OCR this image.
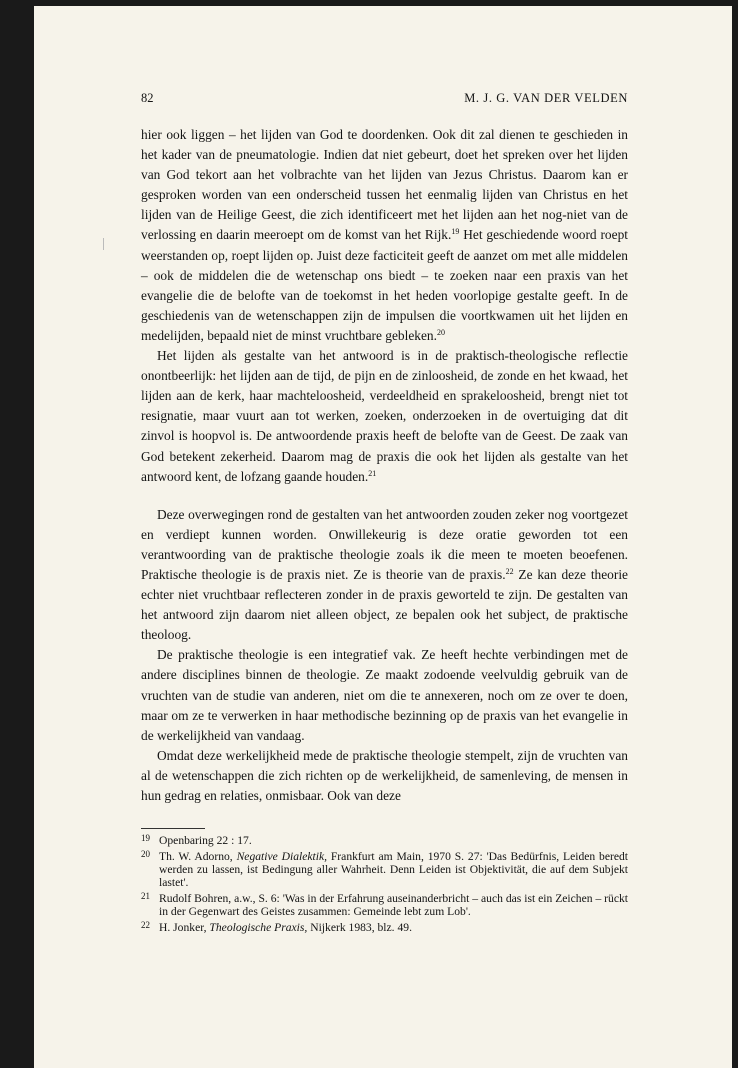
82	M. J. G. VAN DER VELDEN

hier ook liggen – het lijden van God te doordenken. Ook dit zal dienen te geschieden in het kader van de pneumatologie. Indien dat niet gebeurt, doet het spreken over het lijden van God tekort aan het volbrachte van het lijden van Jezus Christus. Daarom kan er gesproken worden van een onderscheid tussen het eenmalig lijden van Christus en het lijden van de Heilige Geest, die zich identificeert met het lijden aan het nog-niet van de verlossing en daarin meeroept om de komst van het Rijk.$^{19}$ Het geschiedende woord roept weerstanden op, roept lijden op. Juist deze facticiteit geeft de aanzet om met alle middelen – ook de middelen die de wetenschap ons biedt – te zoeken naar een praxis van het evangelie die de belofte van de toekomst in het heden voorlopige gestalte geeft. In de geschiedenis van de wetenschappen zijn de impulsen die voortkwamen uit het lijden en medelijden, bepaald niet de minst vruchtbare gebleken.$^{20}$

Het lijden als gestalte van het antwoord is in de praktisch-theologische reflectie onontbeerlijk: het lijden aan de tijd, de pijn en de zinloosheid, de zonde en het kwaad, het lijden aan de kerk, haar machteloosheid, verdeeldheid en sprakeloosheid, brengt niet tot resignatie, maar vuurt aan tot werken, zoeken, onderzoeken in de overtuiging dat dit zinvol is hoopvol is. De antwoordende praxis heeft de belofte van de Geest. De zaak van God betekent zekerheid. Daarom mag de praxis die ook het lijden als gestalte van het antwoord kent, de lofzang gaande houden.$^{21}$

Deze overwegingen rond de gestalten van het antwoorden zouden zeker nog voortgezet en verdiept kunnen worden. Onwillekeurig is deze oratie geworden tot een verantwoording van de praktische theologie zoals ik die meen te moeten beoefenen. Praktische theologie is de praxis niet. Ze is theorie van de praxis.$^{22}$ Ze kan deze theorie echter niet vruchtbaar reflecteren zonder in de praxis geworteld te zijn. De gestalten van het antwoord zijn daarom niet alleen object, ze bepalen ook het subject, de praktische theoloog.

De praktische theologie is een integratief vak. Ze heeft hechte verbindingen met de andere disciplines binnen de theologie. Ze maakt zodoende veelvuldig gebruik van de vruchten van de studie van anderen, niet om die te annexeren, noch om ze over te doen, maar om ze te verwerken in haar methodische bezinning op de praxis van het evangelie in de werkelijkheid van vandaag.

Omdat deze werkelijkheid mede de praktische theologie stempelt, zijn de vruchten van al de wetenschappen die zich richten op de werkelijkheid, de samenleving, de mensen in hun gedrag en relaties, onmisbaar. Ook van deze

19 Openbaring 22 : 17.
20 Th. W. Adorno, Negative Dialektik, Frankfurt am Main, 1970 S. 27: 'Das Bedürfnis, Leiden beredt werden zu lassen, ist Bedingung aller Wahrheit. Denn Leiden ist Objektivität, die auf dem Subjekt lastet'.
21 Rudolf Bohren, a.w., S. 6: 'Was in der Erfahrung auseinanderbricht – auch das ist ein Zeichen – rückt in der Gegenwart des Geistes zusammen: Gemeinde lebt zum Lob'.
22 H. Jonker, Theologische Praxis, Nijkerk 1983, blz. 49.
